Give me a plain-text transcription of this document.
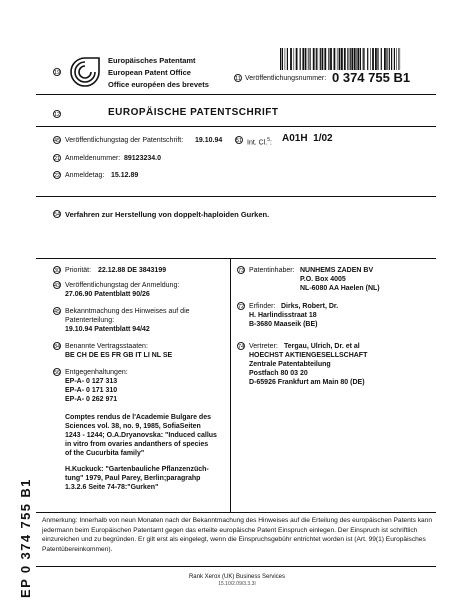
19
Europäisches Patentamt
European Patent Office
Office européen des brevets
11 Veröffentlichungsnummer: 0 374 755 B1
12	EUROPÄISCHE PATENTSCHRIFT
45 Veröffentlichungstag der Patentschrift: 19.10.94	51 Int. Cl.$^5$: A01H 1/02
21 Anmeldenummer: 89123234.0
22 Anmeldetag: 15.12.89
54 Verfahren zur Herstellung von doppelt-haploiden Gurken.
30 Priorität: 22.12.88 DE 3843199
43 Veröffentlichungstag der Anmeldung:
27.06.90 Patentblatt 90/26
45 Bekanntmachung des Hinweises auf die
Patenterteilung:
19.10.94 Patentblatt 94/42
84 Benannte Vertragsstaaten:
BE CH DE ES FR GB IT LI NL SE
56 Entgegenhaltungen:
EP-A- 0 127 313
EP-A- 0 171 310
EP-A- 0 262 971
Comptes rendus de l'Academie Bulgare des
Sciences vol. 38, no. 9, 1985, SofiaSeiten
1243 - 1244; O.A.Dryanovska: "Induced callus
in vitro from ovaries andanthers of species
of the Cucurbita family"
H.Kuckuck: "Gartenbauliche Pflanzenzüch-
tung" 1979, Paul Parey, Berlin;paragrahp
1.3.2.6 Seite 74-78:"Gurken"
73 Patentinhaber: NUNHEMS ZADEN BV
P.O. Box 4005
NL-6080 AA Haelen (NL)
72 Erfinder: Dirks, Robert, Dr.
H. Harlindisstraat 18
B-3680 Maaseik (BE)
74 Vertreter: Tergau, Ulrich, Dr. et al
HOECHST AKTIENGESELLSCHAFT
Zentrale Patentabteilung
Postfach 80 03 20
D-65926 Frankfurt am Main 80 (DE)
EP 0 374 755 B1 Anmerkung: Innerhalb von neun Monaten nach der Bekanntmachung des Hinweises auf die Erteilung des europäischen Patents kann jedermann beim Europäischen Patentamt gegen das erteilte europäische Patent Einspruch einlegen. Der Einspruch ist schriftlich einzureichen und zu begründen. Er gilt erst als eingelegt, wenn die Einspruchsgebühr entrichtet worden ist (Art. 99(1) Europäisches Patentübereinkommen).
Rank Xerox (UK) Business Services
15.10/2.09/3.3.3I
